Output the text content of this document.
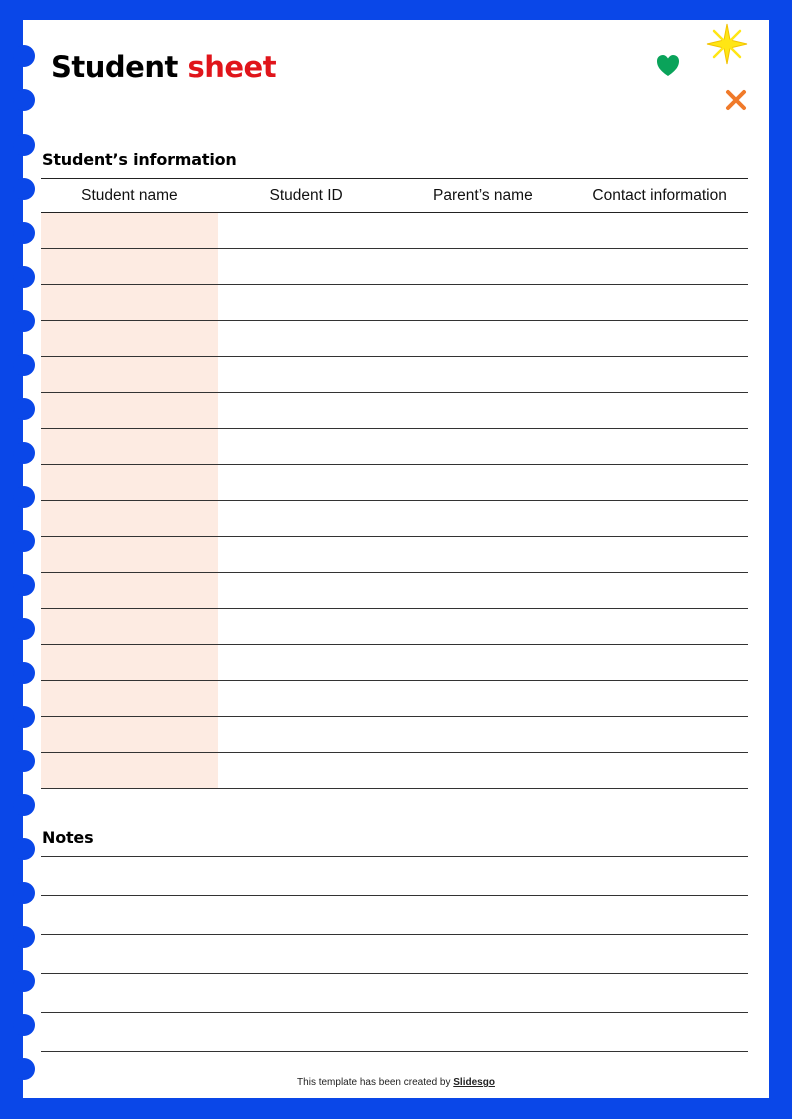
Student sheet
Student’s information
Student name	Student ID	Parent’s name	Contact information
Notes
This template has been created by Slidesgo
